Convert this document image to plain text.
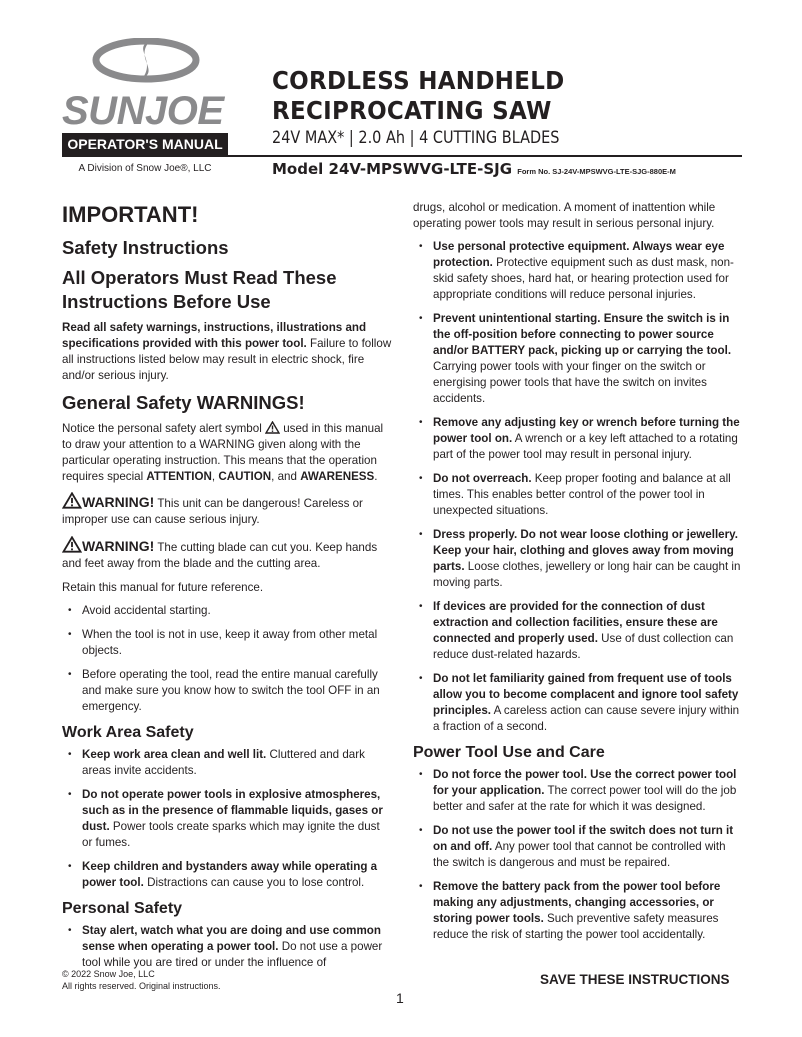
SUNJOE
OPERATOR'S MANUAL
A Division of Snow Joe®, LLC
CORDLESS HANDHELD
RECIPROCATING SAW
24V MAX* | 2.0 Ah | 4 CUTTING BLADES
Model 24V-MPSWVG-LTE-SJG Form No. SJ-24V-MPSWVG-LTE-SJG-880E-M
IMPORTANT!
Safety Instructions
All Operators Must Read These Instructions Before Use
Read all safety warnings, instructions, illustrations and specifications provided with this power tool. Failure to follow all instructions listed below may result in electric shock, fire and/or serious injury.
General Safety WARNINGS!
Notice the personal safety alert symbol  used in this manual to draw your attention to a WARNING given along with the particular operating instruction. This means that the operation requires special ATTENTION, CAUTION, and AWARENESS.
WARNING! This unit can be dangerous! Careless or improper use can cause serious injury.
WARNING! The cutting blade can cut you. Keep hands and feet away from the blade and the cutting area.
Retain this manual for future reference.
• Avoid accidental starting.
• When the tool is not in use, keep it away from other metal objects.
• Before operating the tool, read the entire manual carefully and make sure you know how to switch the tool OFF in an emergency.
Work Area Safety
• Keep work area clean and well lit. Cluttered and dark areas invite accidents.
• Do not operate power tools in explosive atmospheres, such as in the presence of flammable liquids, gases or dust. Power tools create sparks which may ignite the dust or fumes.
• Keep children and bystanders away while operating a power tool. Distractions can cause you to lose control.
Personal Safety
• Stay alert, watch what you are doing and use common sense when operating a power tool. Do not use a power tool while you are tired or under the influence of
drugs, alcohol or medication. A moment of inattention while operating power tools may result in serious personal injury.
• Use personal protective equipment. Always wear eye protection. Protective equipment such as dust mask, non-skid safety shoes, hard hat, or hearing protection used for appropriate conditions will reduce personal injuries.
• Prevent unintentional starting. Ensure the switch is in the off-position before connecting to power source and/or BATTERY pack, picking up or carrying the tool. Carrying power tools with your finger on the switch or energising power tools that have the switch on invites accidents.
• Remove any adjusting key or wrench before turning the power tool on. A wrench or a key left attached to a rotating part of the power tool may result in personal injury.
• Do not overreach. Keep proper footing and balance at all times. This enables better control of the power tool in unexpected situations.
• Dress properly. Do not wear loose clothing or jewellery. Keep your hair, clothing and gloves away from moving parts. Loose clothes, jewellery or long hair can be caught in moving parts.
• If devices are provided for the connection of dust extraction and collection facilities, ensure these are connected and properly used. Use of dust collection can reduce dust-related hazards.
• Do not let familiarity gained from frequent use of tools allow you to become complacent and ignore tool safety principles. A careless action can cause severe injury within a fraction of a second.
Power Tool Use and Care
• Do not force the power tool. Use the correct power tool for your application. The correct power tool will do the job better and safer at the rate for which it was designed.
• Do not use the power tool if the switch does not turn it on and off. Any power tool that cannot be controlled with the switch is dangerous and must be repaired.
• Remove the battery pack from the power tool before making any adjustments, changing accessories, or storing power tools. Such preventive safety measures reduce the risk of starting the power tool accidentally.
© 2022 Snow Joe, LLC
All rights reserved. Original instructions.	SAVE THESE INSTRUCTIONS
1
